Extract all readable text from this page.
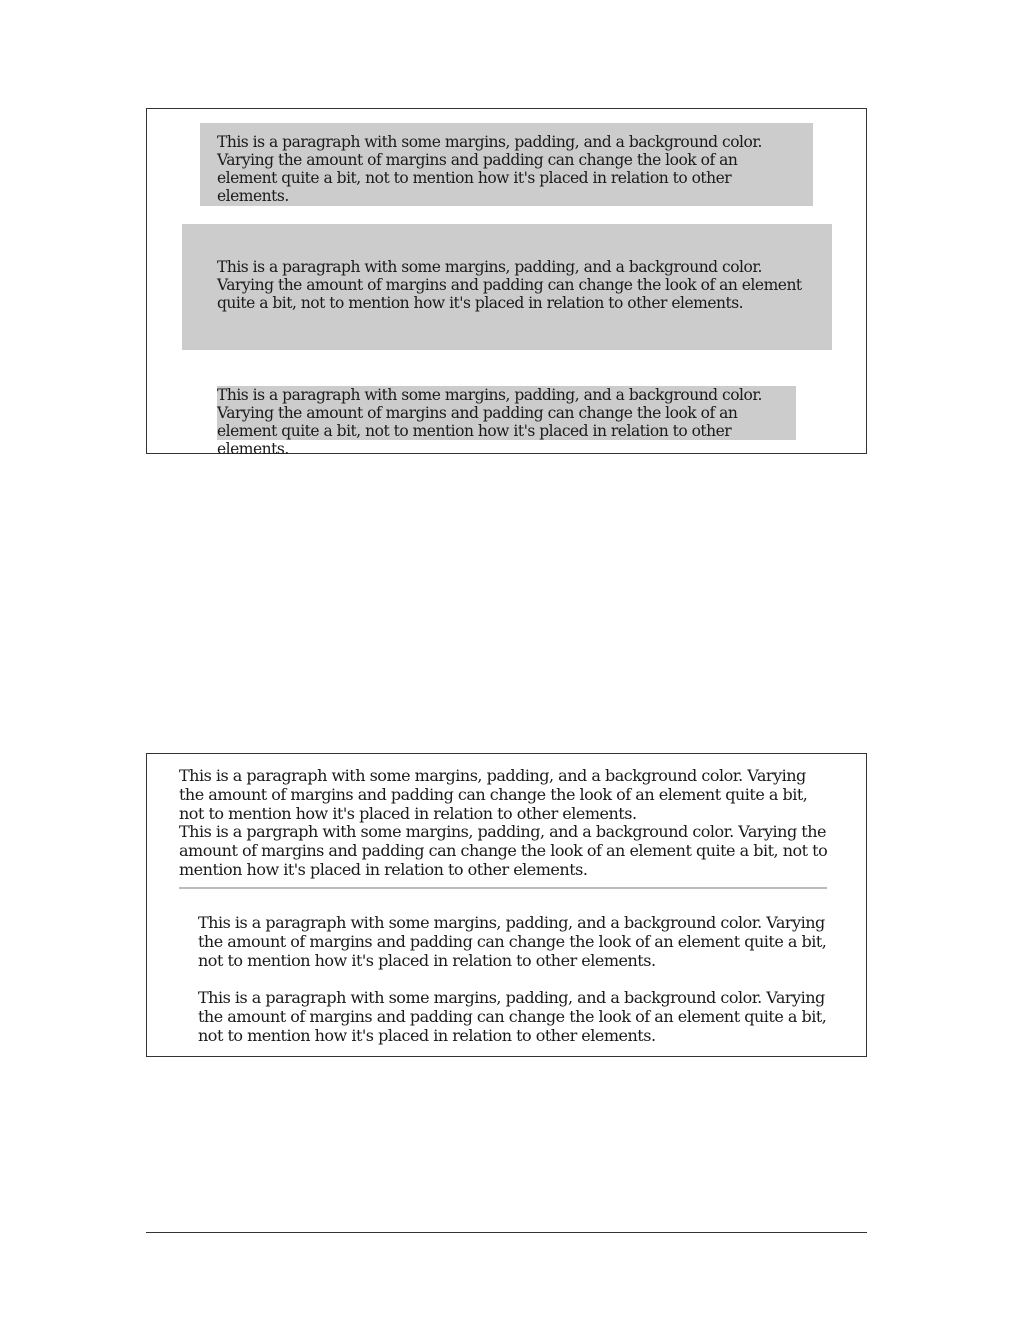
This is a paragraph with some margins, padding, and a background color. Varying the amount of margins and padding can change the look of an element quite a bit, not to mention how it's placed in relation to other elements.

This is a paragraph with some margins, padding, and a background color. Varying the amount of margins and padding can change the look of an element quite a bit, not to mention how it's placed in relation to other elements.

This is a paragraph with some margins, padding, and a background color. Varying the amount of margins and padding can change the look of an element quite a bit, not to mention how it's placed in relation to other elements.

This is a paragraph with some margins, padding, and a background color. Varying the amount of margins and padding can change the look of an element quite a bit, not to mention how it's placed in relation to other elements.

This is a pargraph with some margins, padding, and a background color. Varying the amount of margins and padding can change the look of an element quite a bit, not to mention how it's placed in relation to other elements.

This is a paragraph with some margins, padding, and a background color. Varying the amount of margins and padding can change the look of an element quite a bit, not to mention how it's placed in relation to other elements.

This is a paragraph with some margins, padding, and a background color. Varying the amount of margins and padding can change the look of an element quite a bit, not to mention how it's placed in relation to other elements.
